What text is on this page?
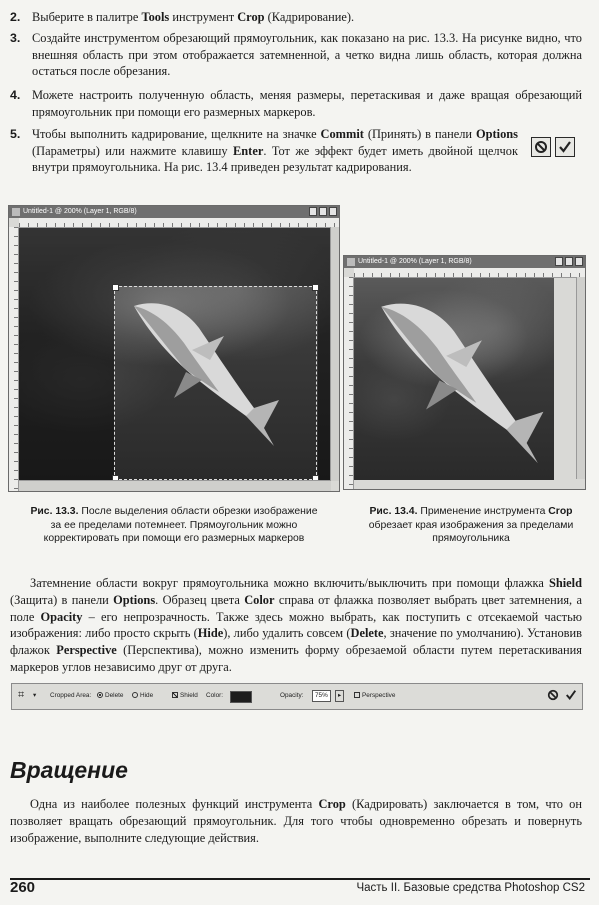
2. Выберите в палитре Tools инструмент Crop (Кадрирование).
3. Создайте инструментом обрезающий прямоугольник, как показано на рис. 13.3. На рисунке видно, что внешняя область при этом отображается затемненной, а четко видна лишь область, которая должна остаться после обрезания.
4. Можете настроить полученную область, меняя размеры, перетаскивая и даже вращая обрезающий прямоугольник при помощи его размерных маркеров.
5. Чтобы выполнить кадрирование, щелкните на значке Commit (Принять) в панели Options (Параметры) или нажмите клавишу Enter. Тот же эффект будет иметь двойной щелчок внутри прямоугольника. На рис. 13.4 приведен результат кадрирования.
Untitled-1 @ 200% (Layer 1, RGB/8)
Untitled-1 @ 200% (Layer 1, RGB/8)
Рис. 13.3. После выделения области обрезки изображение за ее пределами потемнеет. Прямоугольник можно корректировать при помощи его размерных маркеров
Рис. 13.4. Применение инструмента Crop обрезает края изображения за пределами прямоугольника
Затемнение области вокруг прямоугольника можно включить/выключить при помощи флажка Shield (Защита) в панели Options. Образец цвета Color справа от флажка позволяет выбрать цвет затемнения, а поле Opacity – его непрозрачность. Также здесь можно выбрать, как поступить с отсекаемой частью изображения: либо просто скрыть (Hide), либо удалить совсем (Delete, значение по умолчанию). Установив флажок Perspective (Перспектива), можно изменить форму обрезаемой области путем перетаскивания маркеров углов независимо друг от друга.
⌗ ▾ Cropped Area:	Delete	Hide	Shield Color:	Opacity:	75%	▸	Perspective
Вращение
Одна из наиболее полезных функций инструмента Crop (Кадрировать) заключается в том, что он позволяет вращать обрезающий прямоугольник. Для того чтобы одновременно обрезать и повернуть изображение, выполните следующие действия.
260	Часть II. Базовые средства Photoshop CS2
